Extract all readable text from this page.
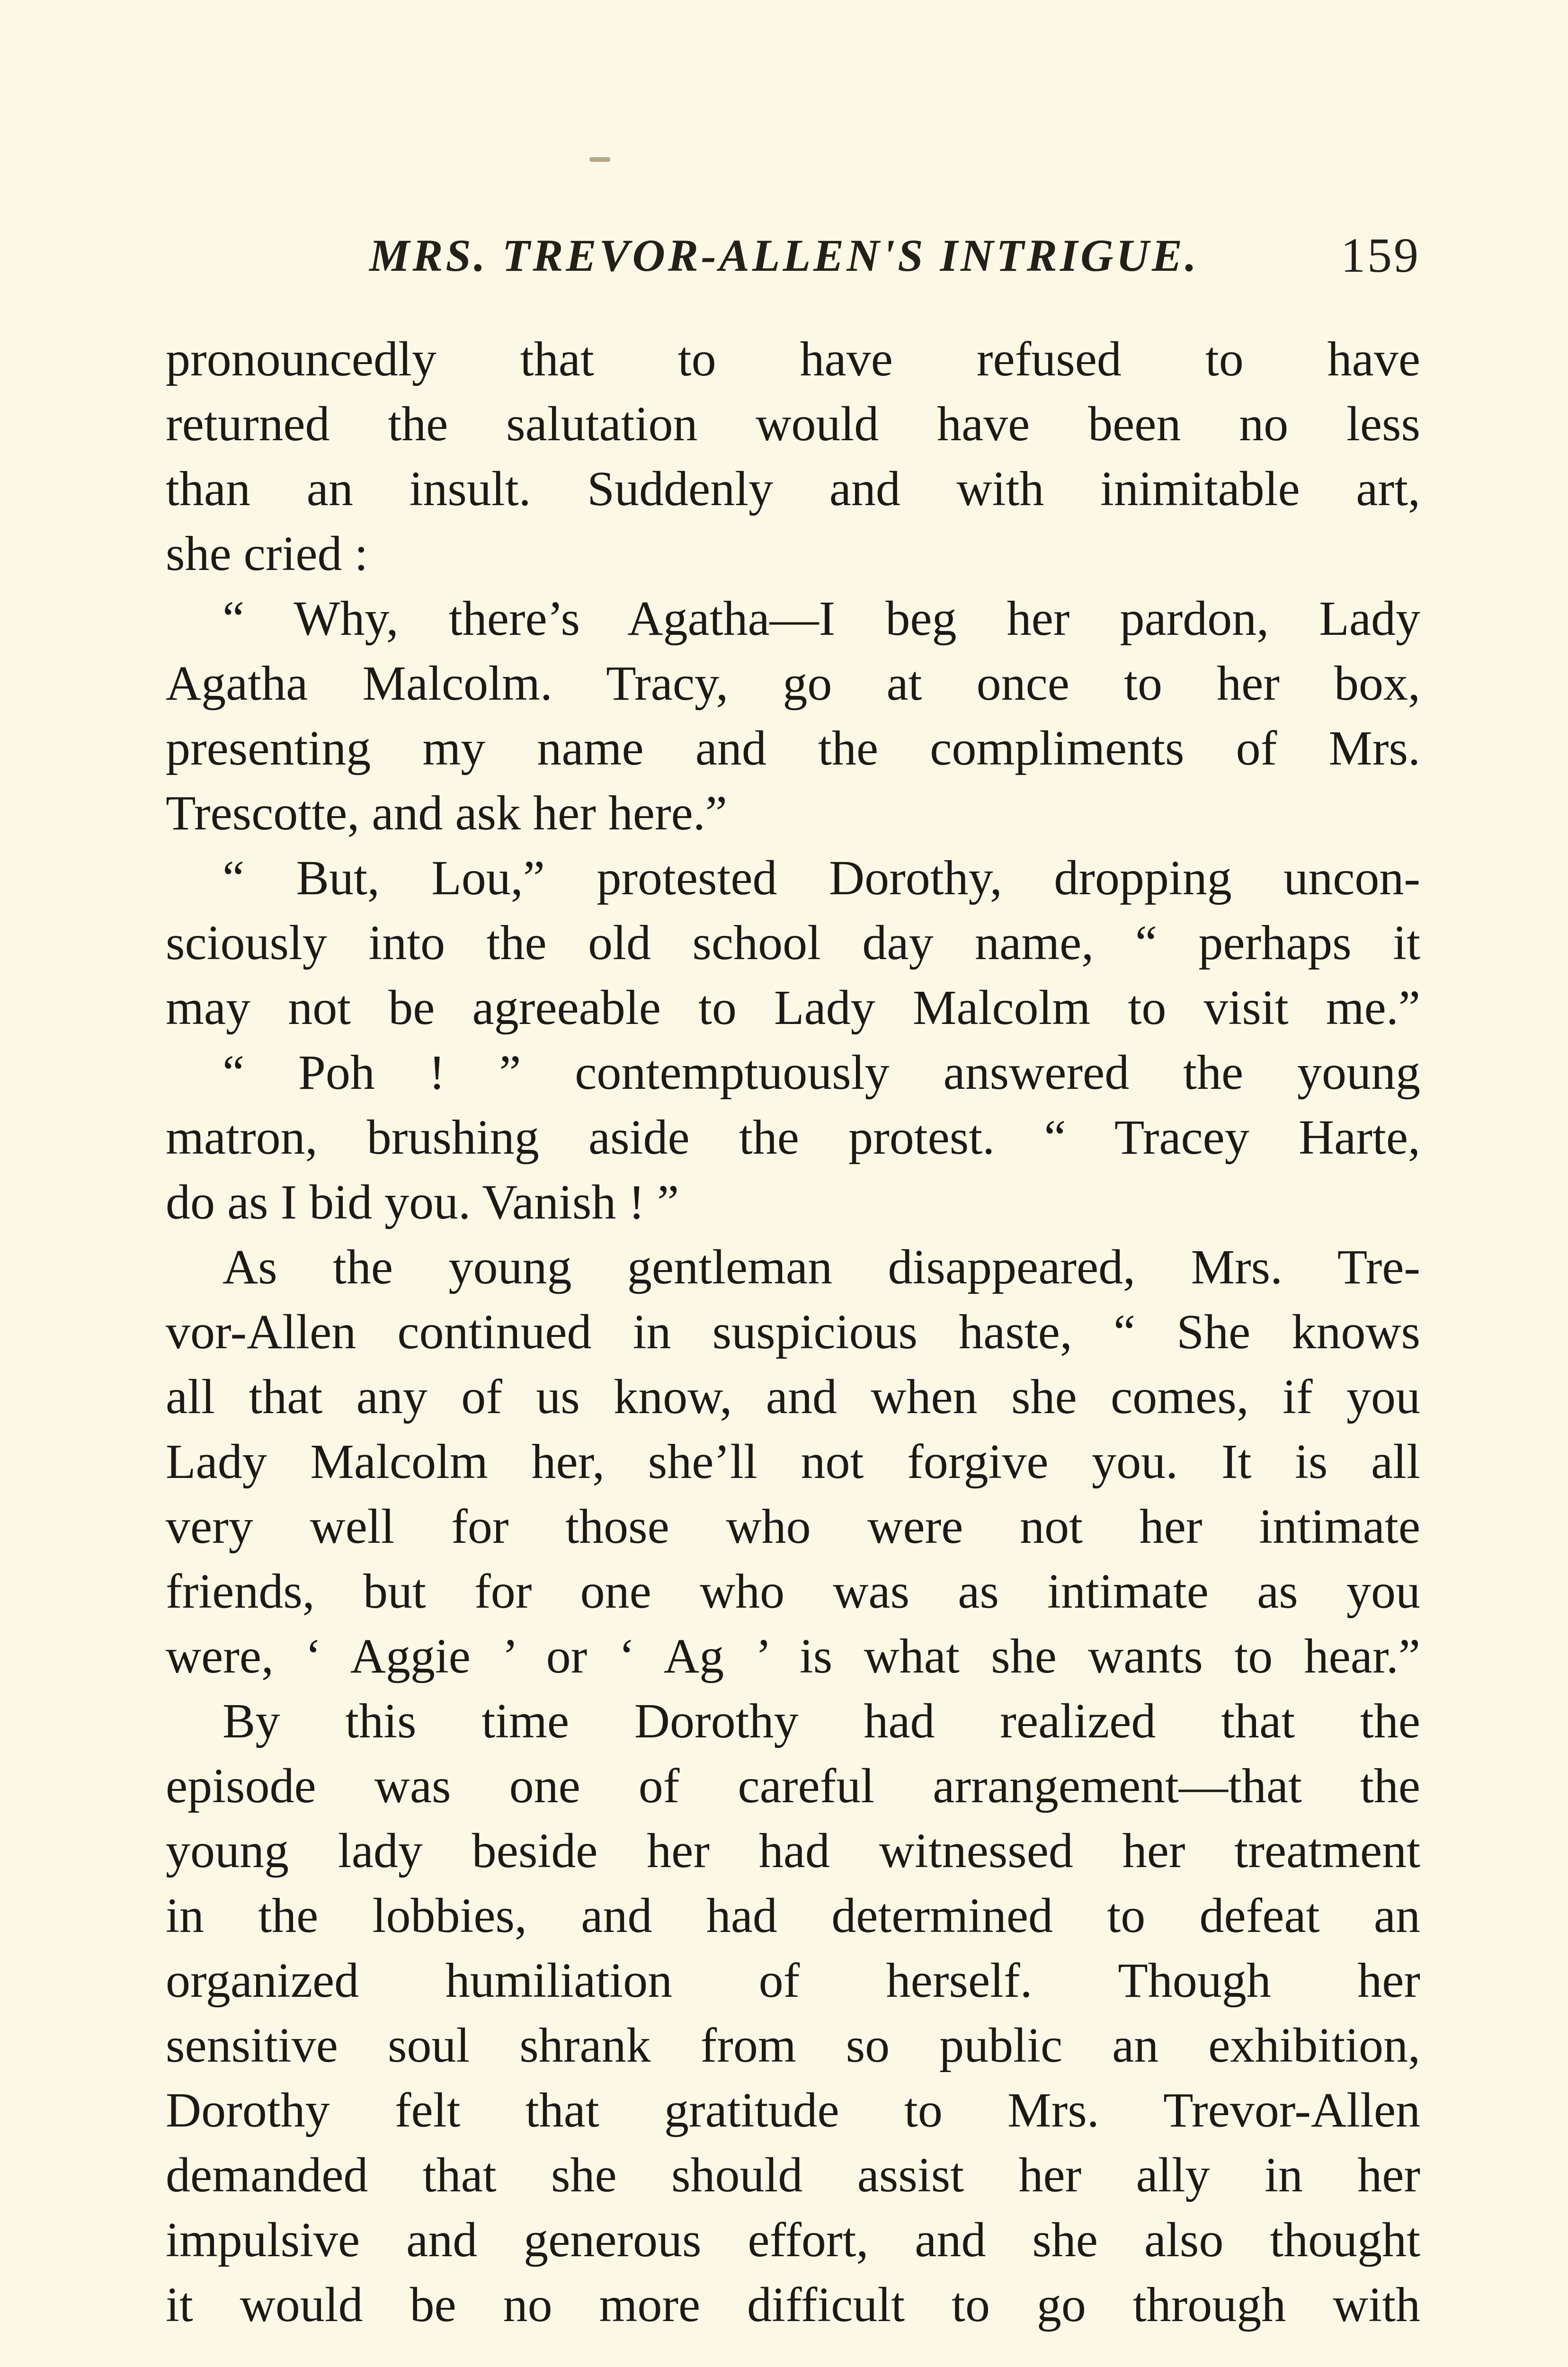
MRS. TREVOR-ALLEN'S INTRIGUE.	159
pronouncedly that to have refused to have
returned the salutation would have been no less
than an insult. Suddenly and with inimitable art,
she cried :
“ Why, there’s Agatha—I beg her pardon, Lady
Agatha Malcolm. Tracy, go at once to her box,
presenting my name and the compliments of Mrs.
Trescotte, and ask her here.”
“ But, Lou,” protested Dorothy, dropping uncon-
sciously into the old school day name, “ perhaps it
may not be agreeable to Lady Malcolm to visit me.”
“ Poh ! ” contemptuously answered the young
matron, brushing aside the protest. “ Tracey Harte,
do as I bid you. Vanish ! ”
As the young gentleman disappeared, Mrs. Tre-
vor-Allen continued in suspicious haste, “ She knows
all that any of us know, and when she comes, if you
Lady Malcolm her, she’ll not forgive you. It is all
very well for those who were not her intimate
friends, but for one who was as intimate as you
were, ‘ Aggie ’ or ‘ Ag ’ is what she wants to hear.”
By this time Dorothy had realized that the
episode was one of careful arrangement—that the
young lady beside her had witnessed her treatment
in the lobbies, and had determined to defeat an
organized humiliation of herself. Though her
sensitive soul shrank from so public an exhibition,
Dorothy felt that gratitude to Mrs. Trevor-Allen
demanded that she should assist her ally in her
impulsive and generous effort, and she also thought
it would be no more difficult to go through with
